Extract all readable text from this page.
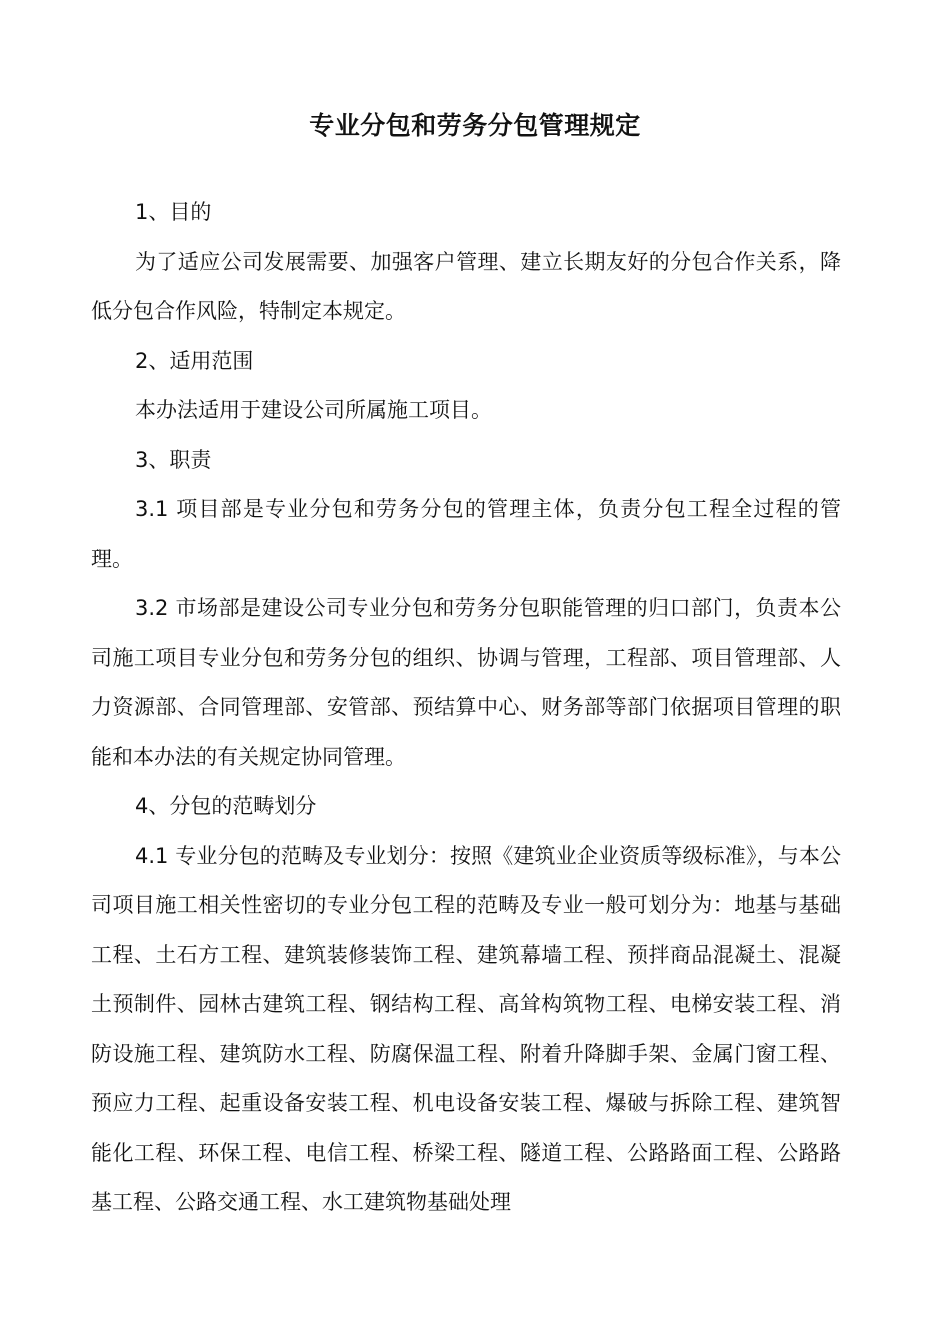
专业分包和劳务分包管理规定

1、目的

为了适应公司发展需要、加强客户管理、建立长期友好的分包合作关系，降低分包合作风险，特制定本规定。

2、适用范围

本办法适用于建设公司所属施工项目。

3、职责

3.1 项目部是专业分包和劳务分包的管理主体，负责分包工程全过程的管理。

3.2 市场部是建设公司专业分包和劳务分包职能管理的归口部门，负责本公司施工项目专业分包和劳务分包的组织、协调与管理，工程部、项目管理部、人力资源部、合同管理部、安管部、预结算中心、财务部等部门依据项目管理的职能和本办法的有关规定协同管理。

4、分包的范畴划分

4.1 专业分包的范畴及专业划分：按照《建筑业企业资质等级标准》，与本公司项目施工相关性密切的专业分包工程的范畴及专业一般可划分为：地基与基础工程、土石方工程、建筑装修装饰工程、建筑幕墙工程、预拌商品混凝土、混凝土预制件、园林古建筑工程、钢结构工程、高耸构筑物工程、电梯安装工程、消防设施工程、建筑防水工程、防腐保温工程、附着升降脚手架、金属门窗工程、预应力工程、起重设备安装工程、机电设备安装工程、爆破与拆除工程、建筑智能化工程、环保工程、电信工程、桥梁工程、隧道工程、公路路面工程、公路路基工程、公路交通工程、水工建筑物基础处理
